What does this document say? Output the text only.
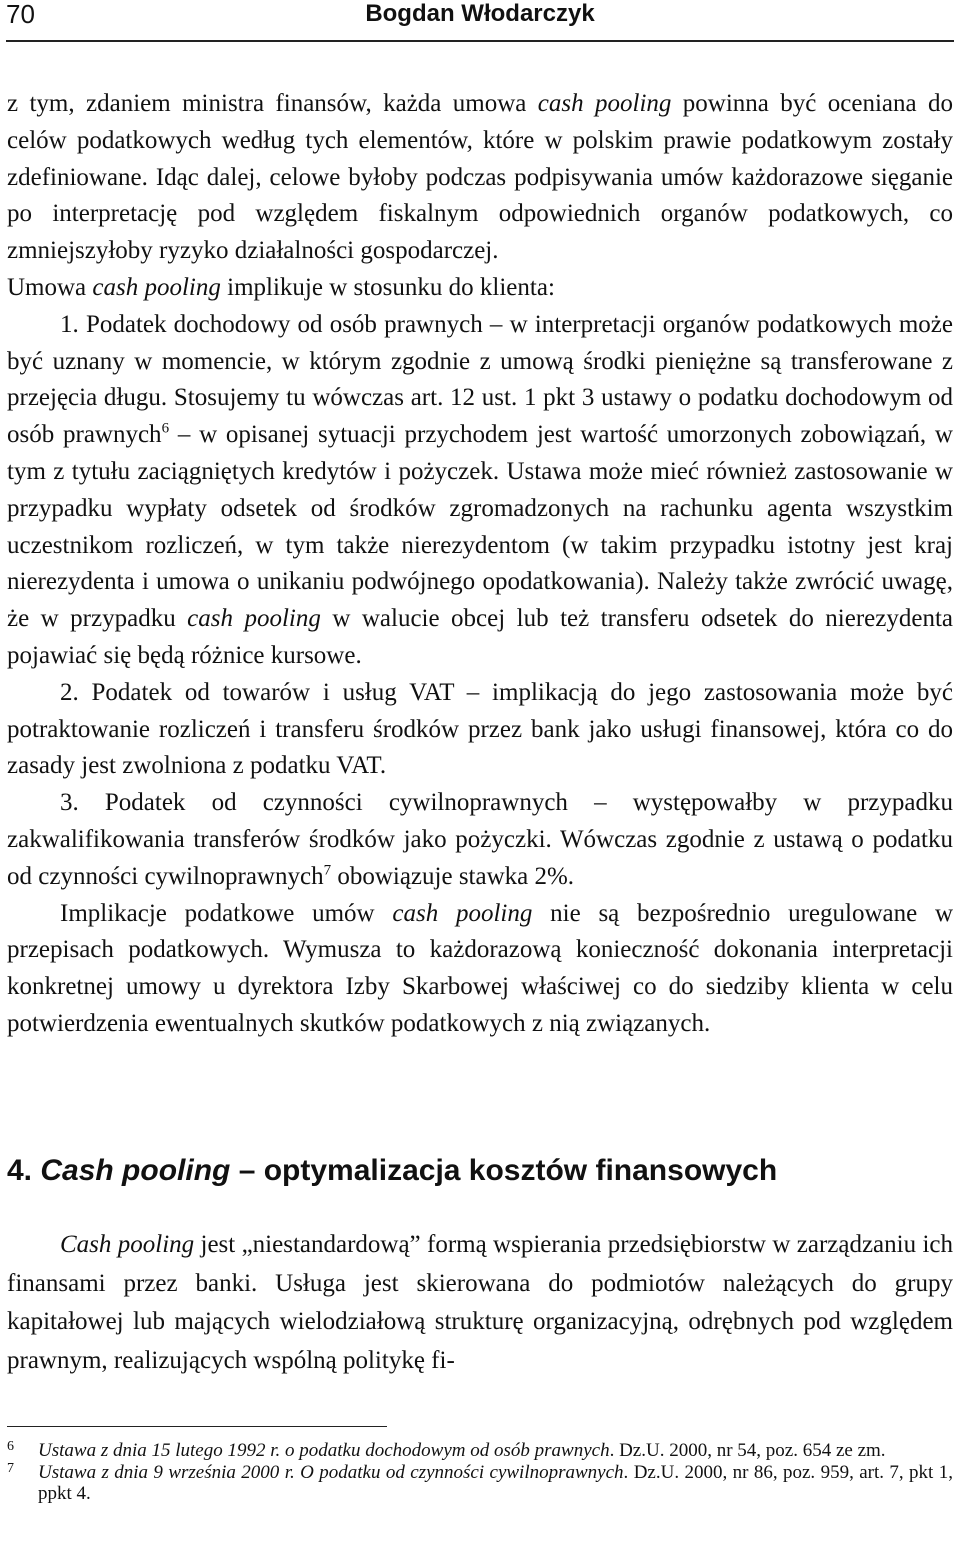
70	Bogdan Włodarczyk

z tym, zdaniem ministra finansów, każda umowa cash pooling powinna być oceniana do celów podatkowych według tych elementów, które w polskim prawie podatkowym zostały zdefiniowane. Idąc dalej, celowe byłoby podczas podpisywania umów każdorazowe sięganie po interpretację pod względem fiskalnym odpowiednich organów podatkowych, co zmniejszyłoby ryzyko działalności gospodarczej.

Umowa cash pooling implikuje w stosunku do klienta:

1. Podatek dochodowy od osób prawnych – w interpretacji organów podatkowych może być uznany w momencie, w którym zgodnie z umową środki pieniężne są transferowane z przejęcia długu. Stosujemy tu wówczas art. 12 ust. 1 pkt 3 ustawy o podatku dochodowym od osób prawnych$^6$ – w opisanej sytuacji przychodem jest wartość umorzonych zobowiązań, w tym z tytułu zaciągniętych kredytów i pożyczek. Ustawa może mieć również zastosowanie w przypadku wypłaty odsetek od środków zgromadzonych na rachunku agenta wszystkim uczestnikom rozliczeń, w tym także nierezydentom (w takim przypadku istotny jest kraj nierezydenta i umowa o unikaniu podwójnego opodatkowania). Należy także zwrócić uwagę, że w przypadku cash pooling w walucie obcej lub też transferu odsetek do nierezydenta pojawiać się będą różnice kursowe.

2. Podatek od towarów i usług VAT – implikacją do jego zastosowania może być potraktowanie rozliczeń i transferu środków przez bank jako usługi finansowej, która co do zasady jest zwolniona z podatku VAT.

3. Podatek od czynności cywilnoprawnych – występowałby w przypadku zakwalifikowania transferów środków jako pożyczki. Wówczas zgodnie z ustawą o podatku od czynności cywilnoprawnych$^7$ obowiązuje stawka 2%.

Implikacje podatkowe umów cash pooling nie są bezpośrednio uregulowane w przepisach podatkowych. Wymusza to każdorazową konieczność dokonania interpretacji konkretnej umowy u dyrektora Izby Skarbowej właściwej co do siedziby klienta w celu potwierdzenia ewentualnych skutków podatkowych z nią związanych.

4. Cash pooling – optymalizacja kosztów finansowych

Cash pooling jest „niestandardową” formą wspierania przedsiębiorstw w zarządzaniu ich finansami przez banki. Usługa jest skierowana do podmiotów należących do grupy kapitałowej lub mających wielodziałową strukturę organizacyjną, odrębnych pod względem prawnym, realizujących wspólną politykę fi-

6 Ustawa z dnia 15 lutego 1992 r. o podatku dochodowym od osób prawnych. Dz.U. 2000, nr 54, poz. 654 ze zm.

7 Ustawa z dnia 9 września 2000 r. O podatku od czynności cywilnoprawnych. Dz.U. 2000, nr 86, poz. 959, art. 7, pkt 1, ppkt 4.
